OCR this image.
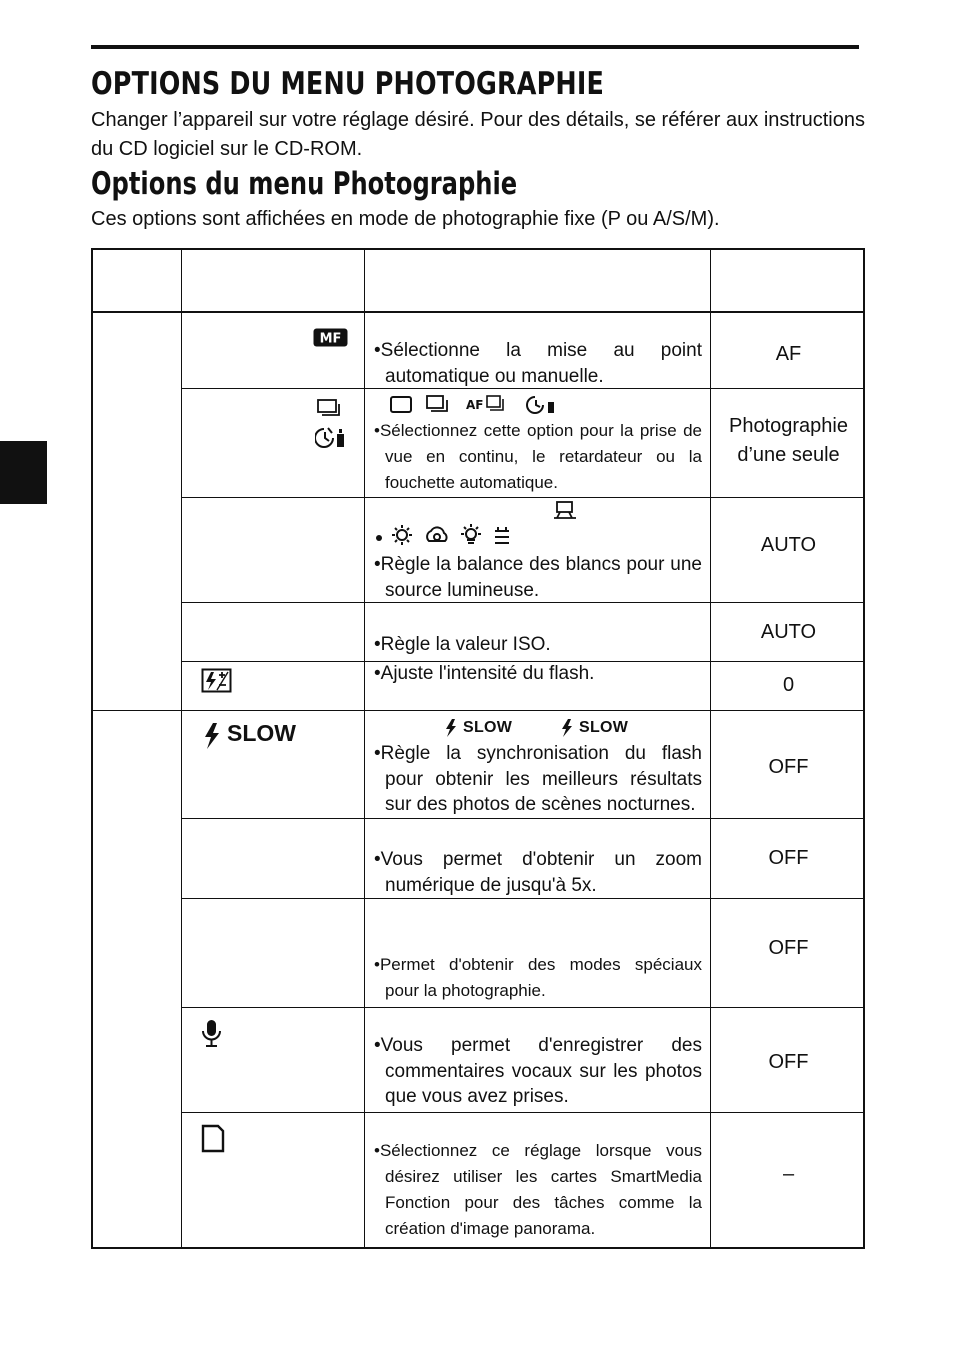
OPTIONS DU MENU PHOTOGRAPHIE

Changer l’appareil sur votre réglage désiré. Pour des détails, se référer aux instructions du CD logiciel sur le CD-ROM.

Options du menu Photographie

Ces options sont affichées en mode de photographie fixe (P ou A/S/M).

MF
•Sélectionne la mise au point automatique ou manuelle.
AF
AF
•Sélectionnez cette option pour la prise de vue en continu, le retardateur ou la fouchette automatique.
Photographie
d’une seule
•Règle la balance des blancs pour une source lumineuse.
AUTO
•Règle la valeur ISO.
AUTO
•Ajuste l'intensité du flash.
0
SLOW	SLOW	SLOW
•Règle la synchronisation du flash pour obtenir les meilleurs résultats sur des photos de scènes nocturnes.
OFF
•Vous permet d'obtenir un zoom numérique de jusqu'à 5x.
OFF
•Permet d'obtenir des modes spéciaux pour la photographie.
OFF
•Vous permet d'enregistrer des commentaires vocaux sur les photos que vous avez prises.
OFF
•Sélectionnez ce réglage lorsque vous désirez utiliser les cartes SmartMedia Fonction pour des tâches comme la création d'image panorama.
–
